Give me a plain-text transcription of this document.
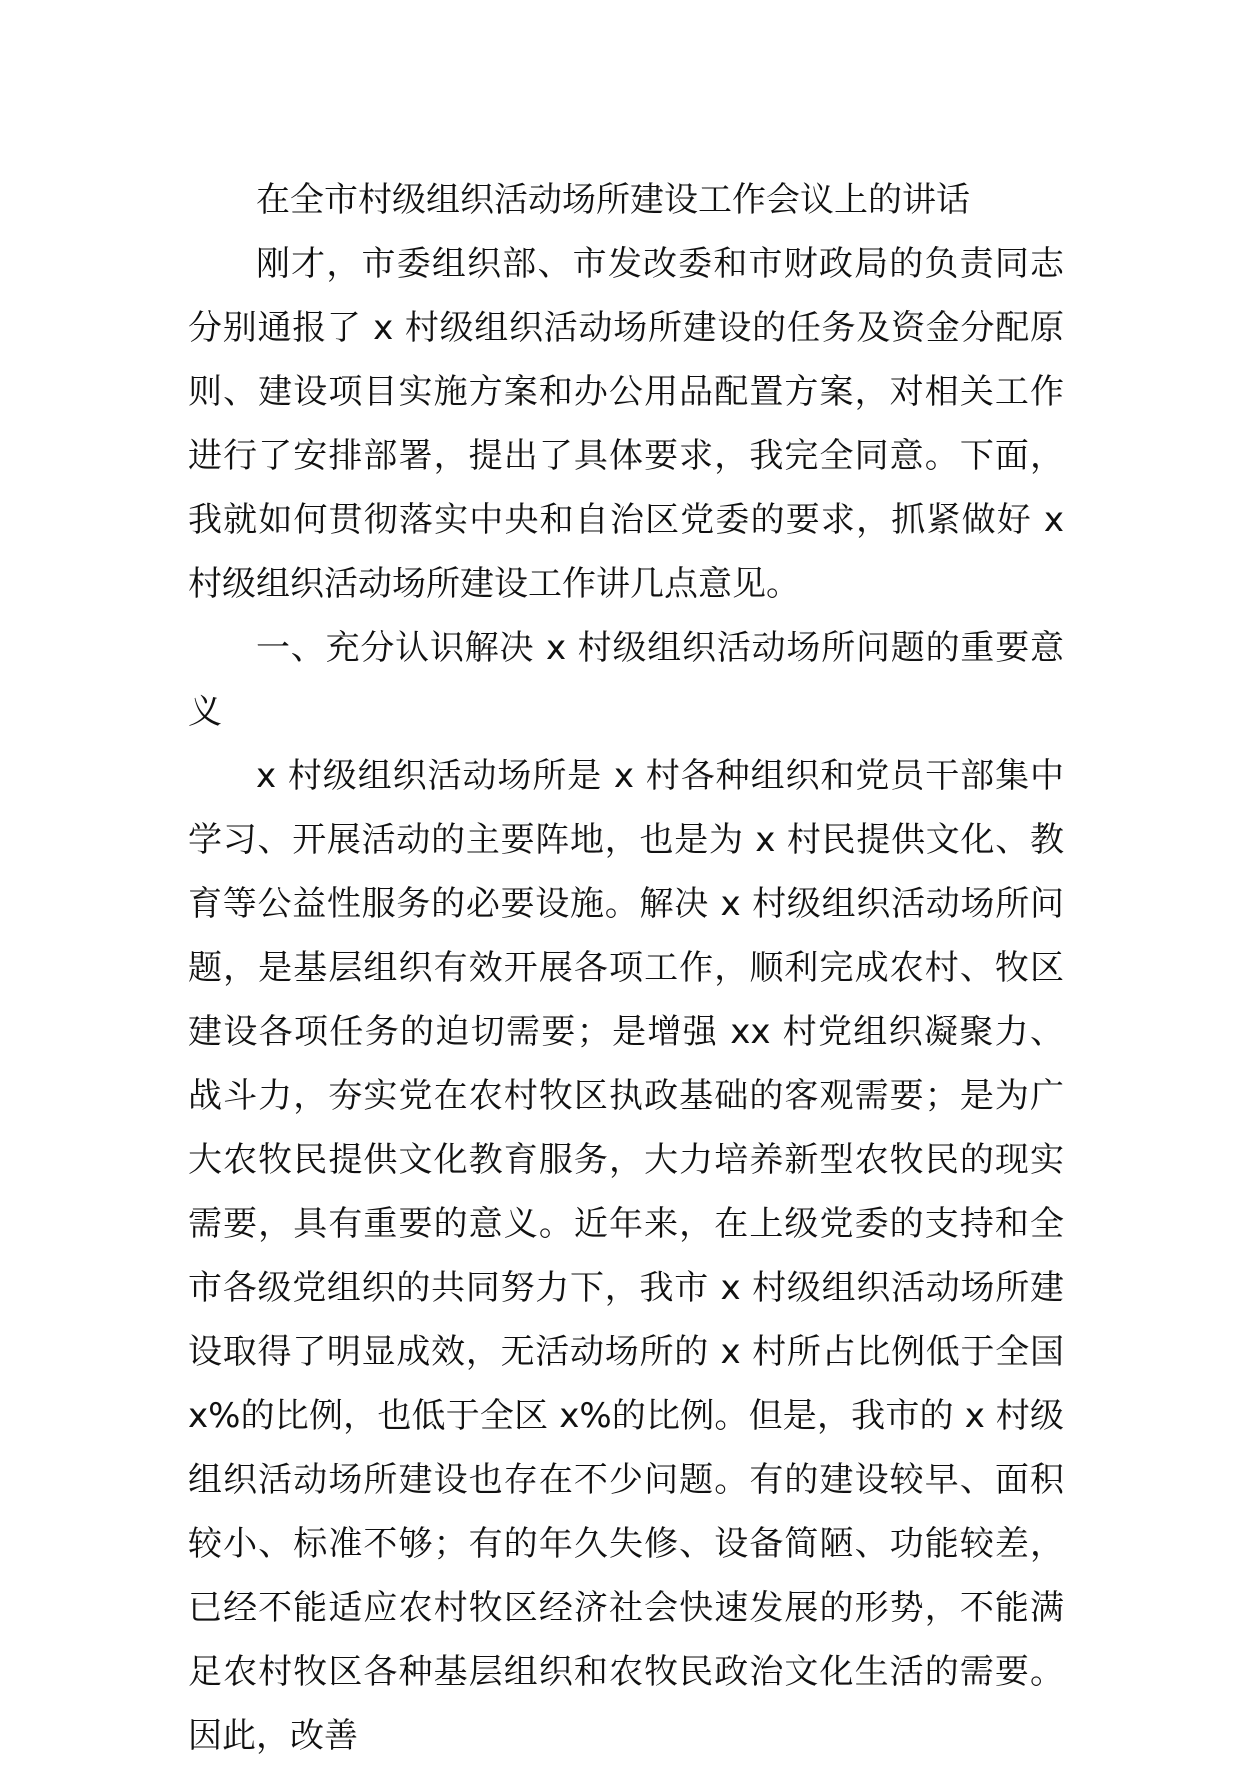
在全市村级组织活动场所建设工作会议上的讲话

刚才，市委组织部、市发改委和市财政局的负责同志分别通报了 x 村级组织活动场所建设的任务及资金分配原则、建设项目实施方案和办公用品配置方案，对相关工作进行了安排部署，提出了具体要求，我完全同意。下面，我就如何贯彻落实中央和自治区党委的要求，抓紧做好 x 村级组织活动场所建设工作讲几点意见。

一、充分认识解决 x 村级组织活动场所问题的重要意义

x 村级组织活动场所是 x 村各种组织和党员干部集中学习、开展活动的主要阵地，也是为 x 村民提供文化、教育等公益性服务的必要设施。解决 x 村级组织活动场所问题，是基层组织有效开展各项工作，顺利完成农村、牧区建设各项任务的迫切需要；是增强 xx 村党组织凝聚力、战斗力，夯实党在农村牧区执政基础的客观需要；是为广大农牧民提供文化教育服务，大力培养新型农牧民的现实需要，具有重要的意义。近年来，在上级党委的支持和全市各级党组织的共同努力下，我市 x 村级组织活动场所建设取得了明显成效，无活动场所的 x 村所占比例低于全国 x%的比例，也低于全区 x%的比例。但是，我市的 x 村级组织活动场所建设也存在不少问题。有的建设较早、面积较小、标准不够；有的年久失修、设备简陋、功能较差，已经不能适应农村牧区经济社会快速发展的形势，不能满足农村牧区各种基层组织和农牧民政治文化生活的需要。因此，改善
